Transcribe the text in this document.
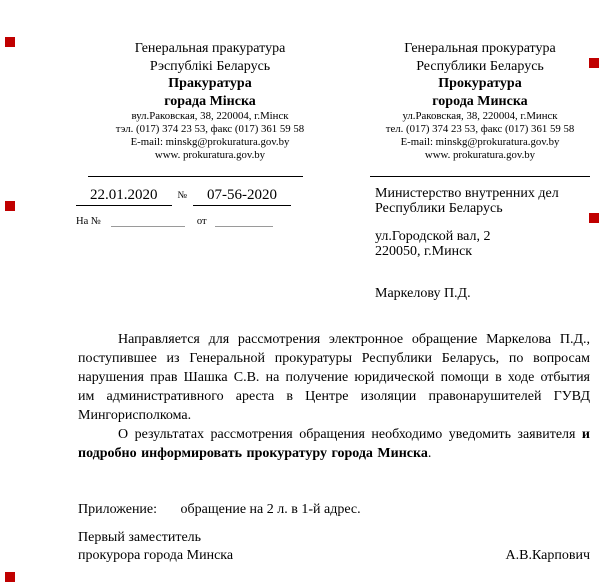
Генеральная пракуратура
Рэспублікі Беларусь
Пракуратура
горада Мінска
вул.Раковская, 38, 220004, г.Мінск
тэл. (017) 374 23 53, факс (017) 361 59 58
E-mail: minskg@prokuratura.gov.by
www. prokuratura.gov.by
Генеральная прокуратура
Республики Беларусь
Прокуратура
города Минска
ул.Раковская, 38, 220004, г.Минск
тел. (017) 374 23 53, факс (017) 361 59 58
E-mail: minskg@prokuratura.gov.by
www. prokuratura.gov.by
22.01.2020	№	07-56-2020
На №	от
Министерство внутренних дел
Республики Беларусь
ул.Городской вал, 2
220050, г.Минск
Маркелову П.Д.

Направляется для рассмотрения электронное обращение Маркелова П.Д., поступившее из Генеральной прокуратуры Республики Беларусь, по вопросам нарушения прав Шашка С.В. на получение юридической помощи в ходе отбытия им административного ареста в Центре изоляции правонарушителей ГУВД Мингорисполкома.

О результатах рассмотрения обращения необходимо уведомить заявителя и подробно информировать прокуратуру города Минска.

Приложение: обращение на 2 л. в 1-й адрес.
Первый заместитель
прокурора города Минска	А.В.Карпович
